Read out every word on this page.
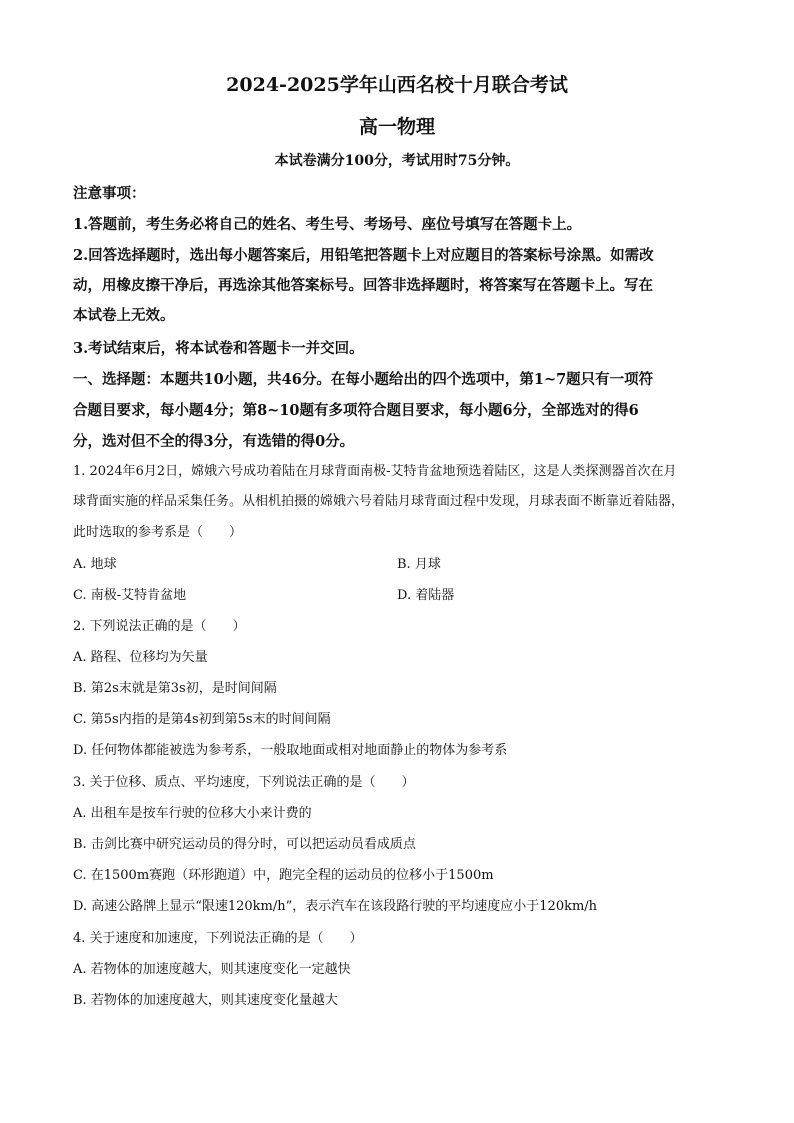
2024-2025学年山西名校十月联合考试
高一物理

本试卷满分100分，考试用时75分钟。

注意事项：

1.答题前，考生务必将自己的姓名、考生号、考场号、座位号填写在答题卡上。

2.回答选择题时，选出每小题答案后，用铅笔把答题卡上对应题目的答案标号涂黑。如需改

动，用橡皮擦干净后，再选涂其他答案标号。回答非选择题时，将答案写在答题卡上。写在

本试卷上无效。

3.考试结束后，将本试卷和答题卡一并交回。

一、选择题：本题共10小题，共46分。在每小题给出的四个选项中，第1~7题只有一项符

合题目要求，每小题4分；第8~10题有多项符合题目要求，每小题6分，全部选对的得6

分，选对但不全的得3分，有选错的得0分。

1. 2024年6月2日，嫦娥六号成功着陆在月球背面南极-艾特肯盆地预选着陆区，这是人类探测器首次在月

球背面实施的样品采集任务。从相机拍摄的嫦娥六号着陆月球背面过程中发现，月球表面不断靠近着陆器，

此时选取的参考系是（　　）

A. 地球	B. 月球

C. 南极-艾特肯盆地	D. 着陆器

2. 下列说法正确的是（　　）

A. 路程、位移均为矢量

B. 第2s末就是第3s初，是时间间隔

C. 第5s内指的是第4s初到第5s末的时间间隔

D. 任何物体都能被选为参考系，一般取地面或相对地面静止的物体为参考系

3. 关于位移、质点、平均速度，下列说法正确的是（　　）

A. 出租车是按车行驶的位移大小来计费的

B. 击剑比赛中研究运动员的得分时，可以把运动员看成质点

C. 在1500m赛跑（环形跑道）中，跑完全程的运动员的位移小于1500m

D. 高速公路牌上显示“限速120km/h”，表示汽车在该段路行驶的平均速度应小于120km/h

4. 关于速度和加速度，下列说法正确的是（　　）

A. 若物体的加速度越大，则其速度变化一定越快

B. 若物体的加速度越大，则其速度变化量越大
